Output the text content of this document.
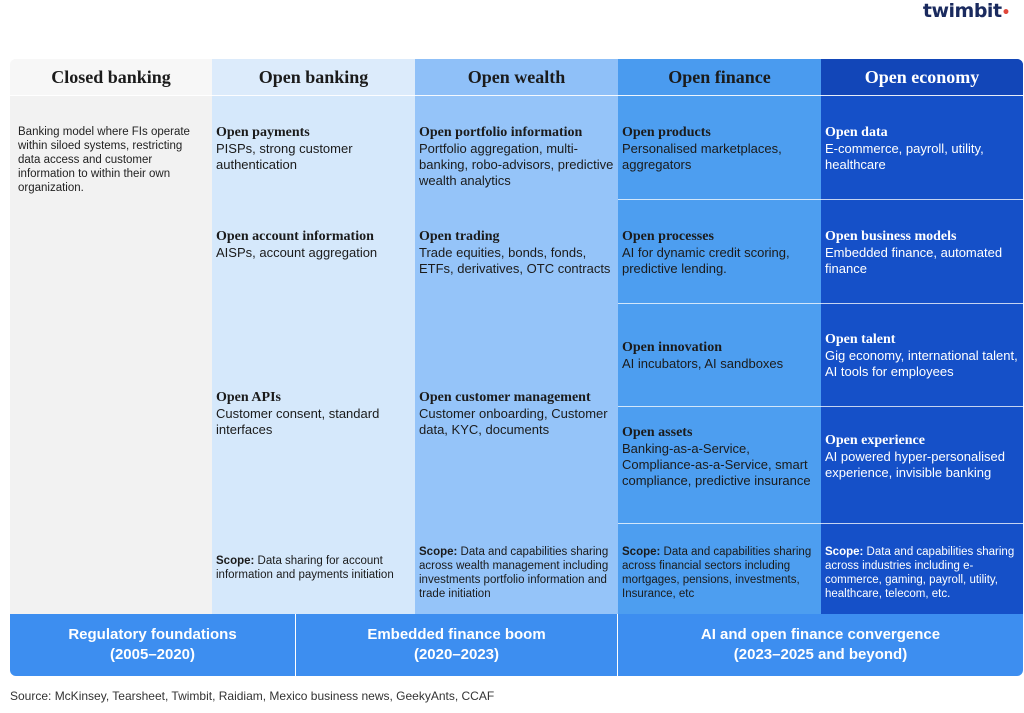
twimbit•
Closed banking
Banking model where FIs operate within siloed systems, restricting data access and customer information to within their own organization.
Open banking
Open payments
PISPs, strong customer authentication
Open account information
AISPs, account aggregation
Open APIs
Customer consent, standard interfaces
Scope: Data sharing for account information and payments initiation
Open wealth
Open portfolio information
Portfolio aggregation, multi-banking, robo-advisors, predictive wealth analytics
Open trading
Trade equities, bonds, fonds, ETFs, derivatives, OTC contracts
Open customer management
Customer onboarding, Customer data, KYC, documents
Scope: Data and capabilities sharing across wealth management including investments portfolio information and trade initiation
Open finance
Open products
Personalised marketplaces, aggregators
Open processes
AI for dynamic credit scoring, predictive lending.
Open innovation
AI incubators, AI sandboxes
Open assets
Banking-as-a-Service, Compliance-as-a-Service, smart compliance, predictive insurance
Scope: Data and capabilities sharing across financial sectors including mortgages, pensions, investments, Insurance, etc
Open economy
Open data
E-commerce, payroll, utility, healthcare
Open business models
Embedded finance, automated finance
Open talent
Gig economy, international talent, AI tools for employees
Open experience
AI powered hyper-personalised experience, invisible banking
Scope: Data and capabilities sharing across industries including e-commerce, gaming, payroll, utility, healthcare, telecom, etc.
Regulatory foundations
(2005–2020)
Embedded finance boom
(2020–2023)
AI and open finance convergence
(2023–2025 and beyond)
Source: McKinsey, Tearsheet, Twimbit, Raidiam, Mexico business news, GeekyAnts, CCAF
